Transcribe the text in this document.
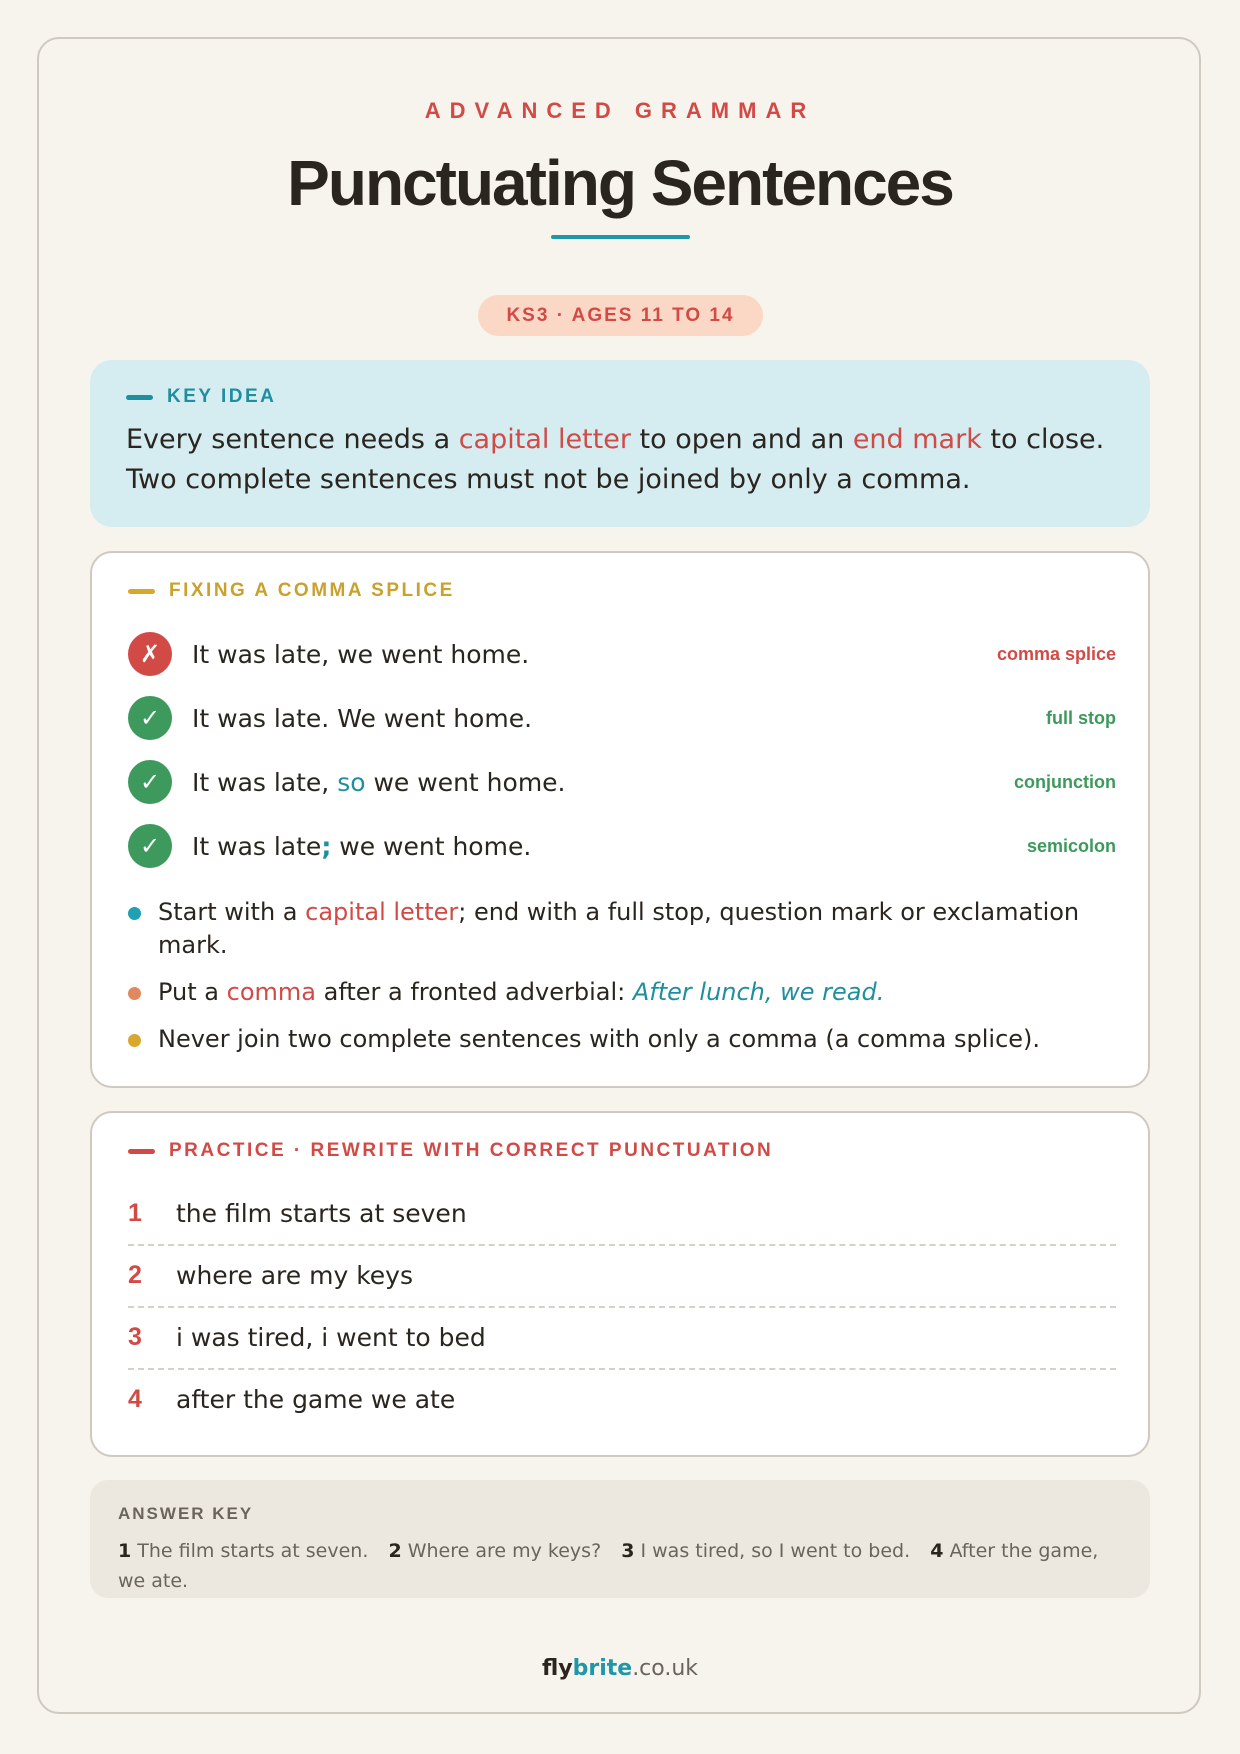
ADVANCED GRAMMAR
Punctuating Sentences
KS3 · AGES 11 TO 14
KEY IDEA
Every sentence needs a capital letter to open and an end mark to close.
Two complete sentences must not be joined by only a comma.
FIXING A COMMA SPLICE
✗	It was late, we went home.	comma splice
✓	It was late. We went home.	full stop
✓	It was late, so we went home.	conjunction
✓	It was late; we went home.	semicolon
Start with a capital letter; end with a full stop, question mark or exclamation mark.
Put a comma after a fronted adverbial: After lunch, we read.
Never join two complete sentences with only a comma (a comma splice).
PRACTICE · REWRITE WITH CORRECT PUNCTUATION
1	the film starts at seven
2	where are my keys
3	i was tired, i went to bed
4	after the game we ate
ANSWER KEY
1 The film starts at seven. 2 Where are my keys? 3 I was tired, so I went to bed. 4 After the game, we ate.
flybrite.co.uk
